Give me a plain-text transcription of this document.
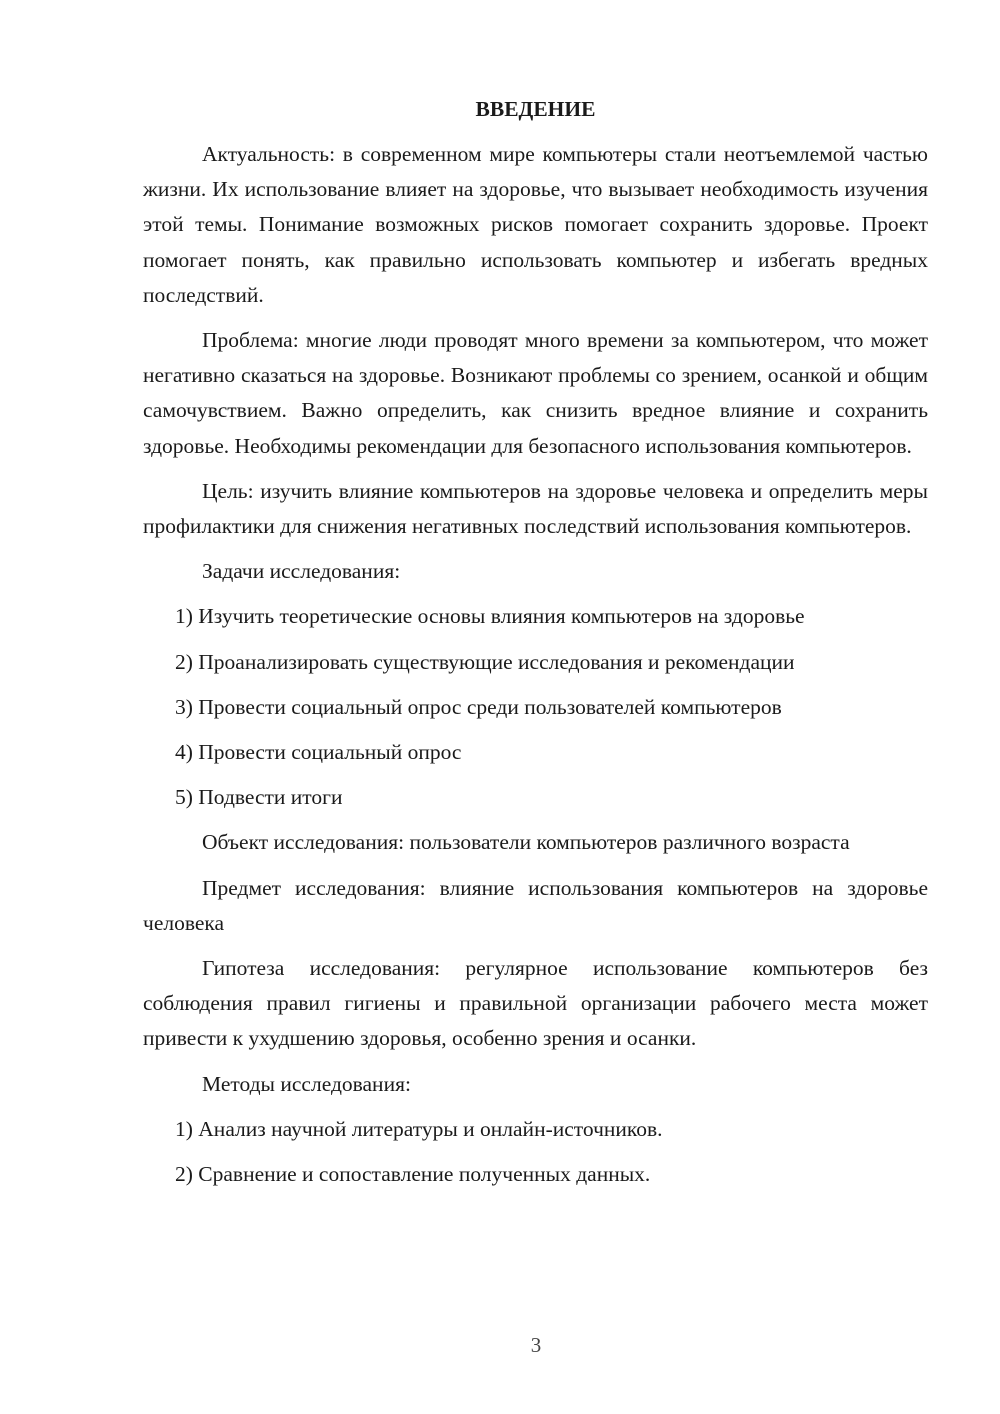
ВВЕДЕНИЕ

Актуальность: в современном мире компьютеры стали неотъемлемой частью жизни. Их использование влияет на здоровье, что вызывает необходимость изучения этой темы. Понимание возможных рисков помогает сохранить здоровье. Проект помогает понять, как правильно использовать компьютер и избегать вредных последствий.

Проблема: многие люди проводят много времени за компьютером, что может негативно сказаться на здоровье. Возникают проблемы со зрением, осанкой и общим самочувствием. Важно определить, как снизить вредное влияние и сохранить здоровье. Необходимы рекомендации для безопасного использования компьютеров.

Цель: изучить влияние компьютеров на здоровье человека и определить меры профилактики для снижения негативных последствий использования компьютеров.

Задачи исследования:

1) Изучить теоретические основы влияния компьютеров на здоровье

2) Проанализировать существующие исследования и рекомендации

3) Провести социальный опрос среди пользователей компьютеров

4) Провести социальный опрос

5) Подвести итоги

Объект исследования: пользователи компьютеров различного возраста

Предмет исследования: влияние использования компьютеров на здоровье человека

Гипотеза исследования: регулярное использование компьютеров без соблюдения правил гигиены и правильной организации рабочего места может привести к ухудшению здоровья, особенно зрения и осанки.

Методы исследования:

1) Анализ научной литературы и онлайн-источников.

2) Сравнение и сопоставление полученных данных.

3
